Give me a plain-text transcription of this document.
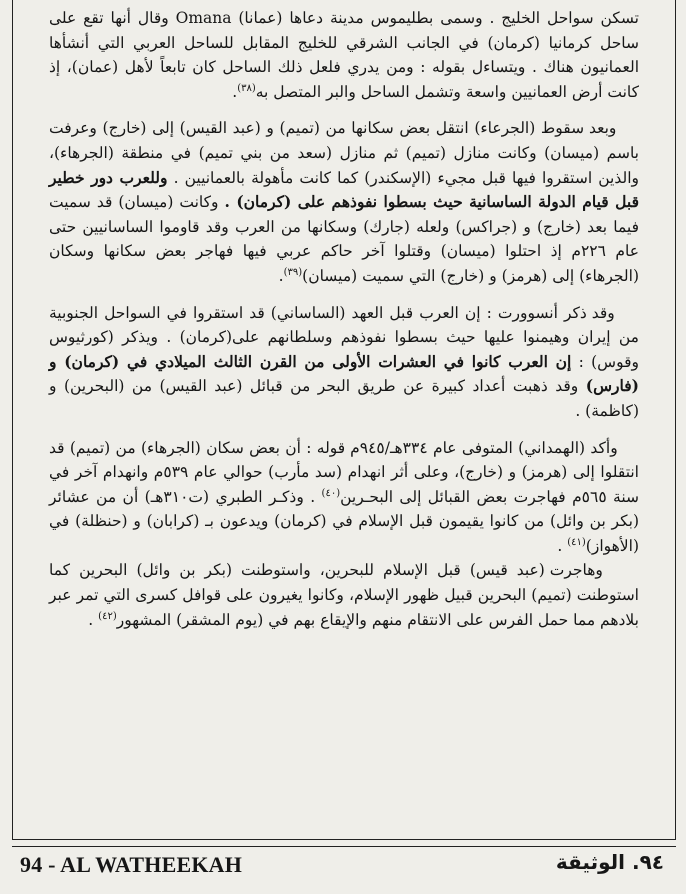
تسكن سواحل الخليج . وسمى بطليموس مدينة دعاها (عمانا) Omana وقال أنها تقع على ساحل كرمانيا (كرمان) في الجانب الشرقي للخليج المقابل للساحل العربي التي أنشأها العمانيون هناك . ويتساءل بقوله : ومن يدري فلعل ذلك الساحل كان تابعاً لأهل (عمان)، إذ كانت أرض العمانيين واسعة وتشمل الساحل والبر المتصل به$^{(٣٨)}$.

وبعد سقوط (الجرعاء) انتقل بعض سكانها من (تميم) و (عبد القيس) إلى (خارج) وعرفت باسم (ميسان) وكانت منازل (تميم) ثم منازل (سعد من بني تميم) في منطقة (الجرهاء)، والذين استقروا فيها قبل مجيء (الإسكندر) كما كانت مأهولة بالعمانيين . وللعرب دور خطير قبل قيام الدولة الساسانية حيث بسطوا نفوذهم على (كرمان) . وكانت (ميسان) قد سميت فيما بعد (خارج) و (جراكس) ولعله (جارك) وسكانها من العرب وقد قاوموا الساسانيين حتى عام ٢٢٦م إذ احتلوا (ميسان) وقتلوا آخر حاكم عربي فيها فهاجر بعض سكانها وسكان (الجرهاء) إلى (هرمز) و (خارج) التي سميت (ميسان)$^{(٣٩)}$.

وقد ذكر أنسوورت : إن العرب قبل العهد (الساساني) قد استقروا في السواحل الجنوبية من إيران وهيمنوا عليها حيث بسطوا نفوذهم وسلطانهم على(كرمان) . ويذكر (كورثيوس وقوس) : إن العرب كانوا في العشرات الأولى من القرن الثالث الميلادي في (كرمان) و (فارس) وقد ذهبت أعداد كبيرة عن طريق البحر من قبائل (عبد القيس) من (البحرين) و (كاظمة) .

وأكد (الهمداني) المتوفى عام ٣٣٤هـ/٩٤٥م قوله : أن بعض سكان (الجرهاء) من (تميم) قد انتقلوا إلى (هرمز) و (خارج)، وعلى أثر انهدام (سد مأرب) حوالي عام ٥٣٩م وانهدام آخر في سنة ٥٦٥م فهاجرت بعض القبائل إلى البحـرين$^{(٤٠)}$ . وذكـر الطبري (ت٣١٠هـ) أن من عشائر (بكر بن وائل) من كانوا يقيمون قبل الإسلام في (كرمان) ويدعون بـ (كرابان) و (حنظلة) في (الأهواز)$^{(٤١)}$ .

وهاجرت (عبد قيس) قبل الإسلام للبحرين، واستوطنت (بكر بن وائل) البحرين كما استوطنت (تميم) البحرين قبيل ظهور الإسلام، وكانوا يغيرون على قوافل كسرى التي تمر عبر بلادهم مما حمل الفرس على الانتقام منهم والإيقاع بهم في (يوم المشقر) المشهور$^{(٤٢)}$ .

94 - AL WATHEEKAH	٩٤. الوثيقة
